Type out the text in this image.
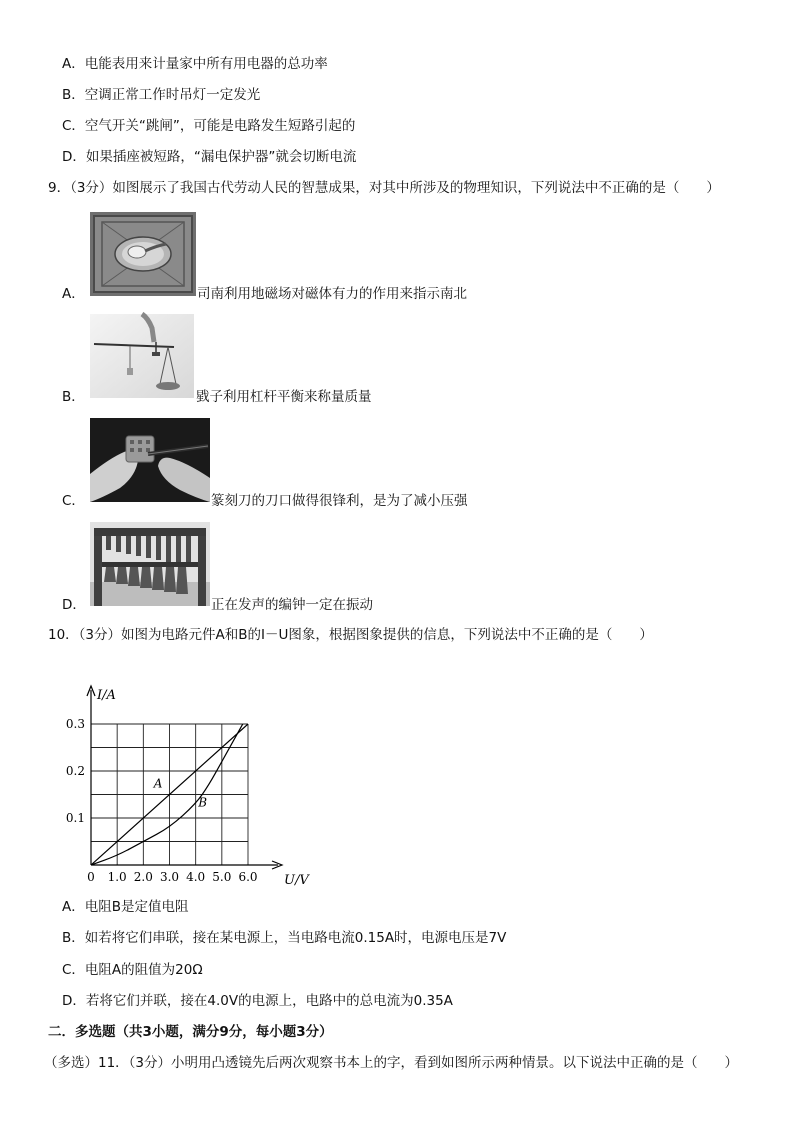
A．电能表用来计量家中所有用电器的总功率
B．空调正常工作时吊灯一定发光
C．空气开关“跳闸”，可能是电路发生短路引起的
D．如果插座被短路，“漏电保护器”就会切断电流
9．（3分）如图展示了我国古代劳动人民的智慧成果，对其中所涉及的物理知识，下列说法中不正确的是（　　）
A．	司南利用地磁场对磁体有力的作用来指示南北
B．	戥子利用杠杆平衡来称量质量
C．	篆刻刀的刀口做得很锋利，是为了减小压强
D．	正在发声的编钟一定在振动
10．（3分）如图为电路元件A和B的I－U图象，根据图象提供的信息，下列说法中不正确的是（　　）
0 1.0 2.0 3.0 4.0 5.0 6.0
0.1
0.2
0.3
U/V
I/A
A
B
A．电阻B是定值电阻
B．如若将它们串联，接在某电源上，当电路电流0.15A时，电源电压是7V
C．电阻A的阻值为20Ω
D．若将它们并联，接在4.0V的电源上，电路中的总电流为0.35A
二．多选题（共3小题，满分9分，每小题3分）
（多选）11．（3分）小明用凸透镜先后两次观察书本上的字，看到如图所示两种情景。以下说法中正确的是（　　）
